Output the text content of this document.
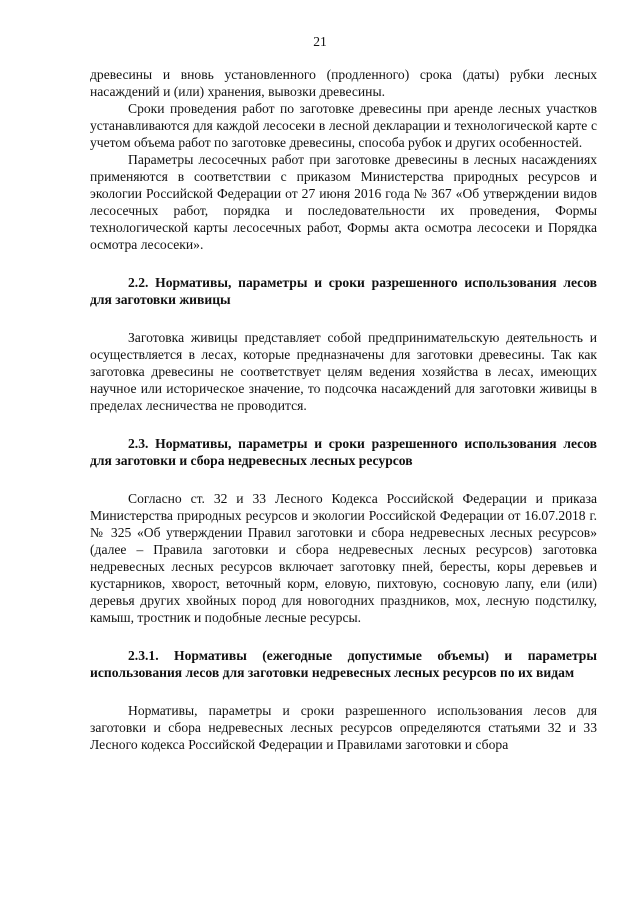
21

древесины и вновь установленного (продленного) срока (даты) рубки лесных насаждений и (или) хранения, вывозки древесины.

Сроки проведения работ по заготовке древесины при аренде лесных участков устанавливаются для каждой лесосеки в лесной декларации и технологической карте с учетом объема работ по заготовке древесины, способа рубок и других особенностей.

Параметры лесосечных работ при заготовке древесины в лесных насаждениях применяются в соответствии с приказом Министерства природных ресурсов и экологии Российской Федерации от 27 июня 2016 года № 367 «Об утверждении видов лесосечных работ, порядка и последовательности их проведения, Формы технологической карты лесосечных работ, Формы акта осмотра лесосеки и Порядка осмотра лесосеки».

2.2. Нормативы, параметры и сроки разрешенного использования лесов для заготовки живицы

Заготовка живицы представляет собой предпринимательскую деятельность и осуществляется в лесах, которые предназначены для заготовки древесины. Так как заготовка древесины не соответствует целям ведения хозяйства в лесах, имеющих научное или историческое значение, то подсочка насаждений для заготовки живицы в пределах лесничества не проводится.

2.3. Нормативы, параметры и сроки разрешенного использования лесов для заготовки и сбора недревесных лесных ресурсов

Согласно ст. 32 и 33 Лесного Кодекса Российской Федерации и приказа Министерства природных ресурсов и экологии Российской Федерации от 16.07.2018 г. № 325 «Об утверждении Правил заготовки и сбора недревесных лесных ресурсов» (далее – Правила заготовки и сбора недревесных лесных ресурсов) заготовка недревесных лесных ресурсов включает заготовку пней, бересты, коры деревьев и кустарников, хворост, веточный корм, еловую, пихтовую, сосновую лапу, ели (или) деревья других хвойных пород для новогодних праздников, мох, лесную подстилку, камыш, тростник и подобные лесные ресурсы.

2.3.1. Нормативы (ежегодные допустимые объемы) и параметры использования лесов для заготовки недревесных лесных ресурсов по их видам

Нормативы, параметры и сроки разрешенного использования лесов для заготовки и сбора недревесных лесных ресурсов определяются статьями 32 и 33 Лесного кодекса Российской Федерации и Правилами заготовки и сбора
